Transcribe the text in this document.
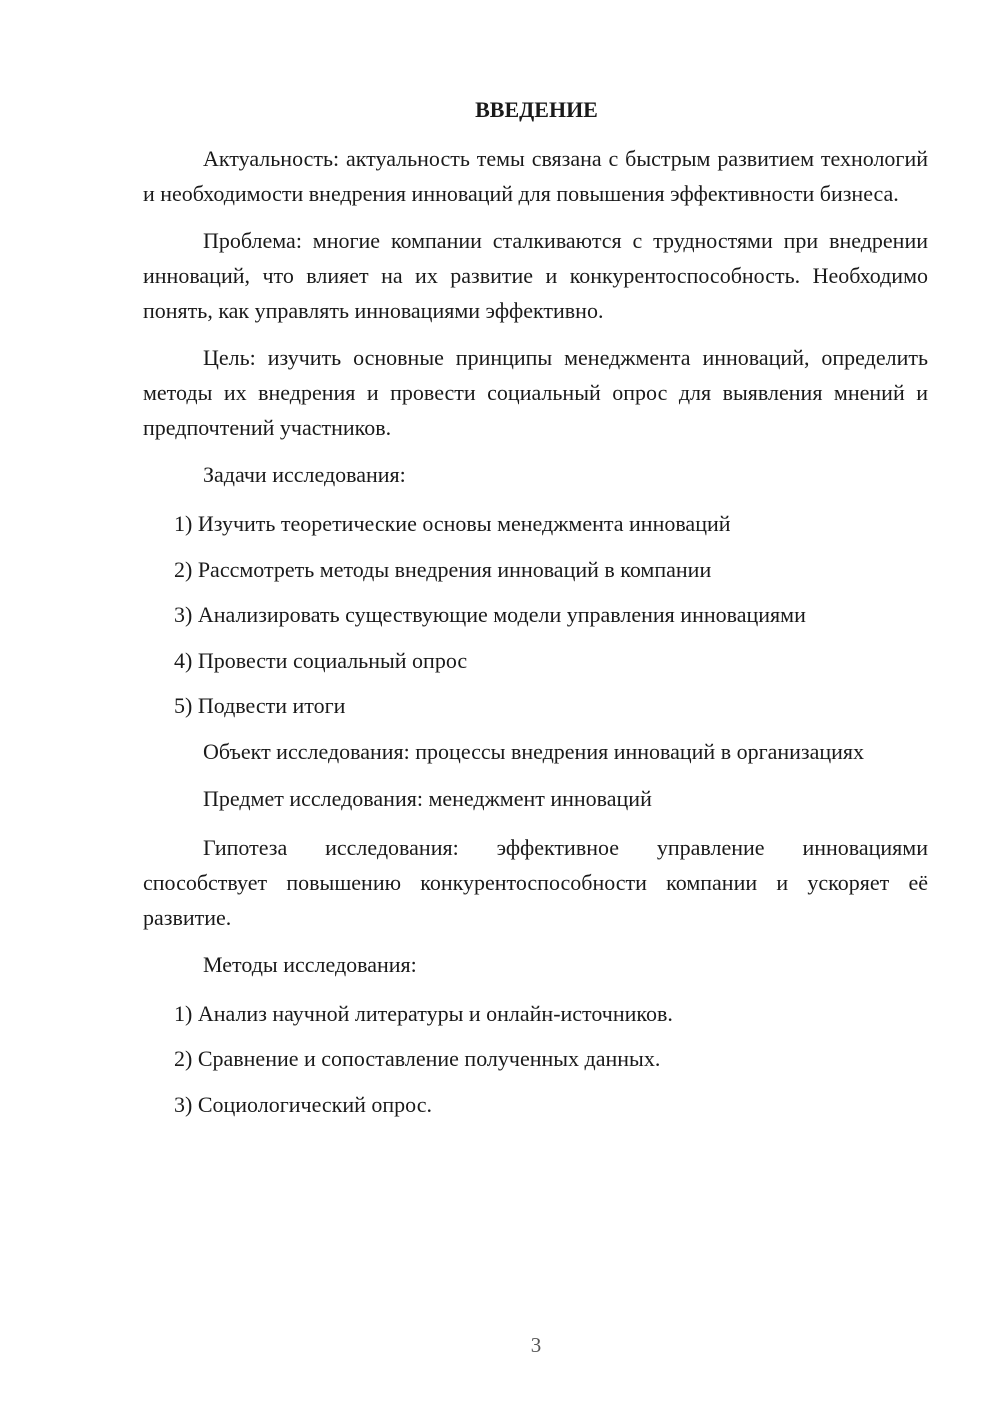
ВВЕДЕНИЕ

Актуальность: актуальность темы связана с быстрым развитием технологий и необходимости внедрения инноваций для повышения эффективности бизнеса.

Проблема: многие компании сталкиваются с трудностями при внедрении инноваций, что влияет на их развитие и конкурентоспособность. Необходимо понять, как управлять инновациями эффективно.

Цель: изучить основные принципы менеджмента инноваций, определить методы их внедрения и провести социальный опрос для выявления мнений и предпочтений участников.

Задачи исследования:

1) Изучить теоретические основы менеджмента инноваций
2) Рассмотреть методы внедрения инноваций в компании
3) Анализировать существующие модели управления инновациями
4) Провести социальный опрос
5) Подвести итоги

Объект исследования: процессы внедрения инноваций в организациях

Предмет исследования: менеджмент инноваций

Гипотеза исследования: эффективное управление инновациями способствует повышению конкурентоспособности компании и ускоряет её развитие.

Методы исследования:

1) Анализ научной литературы и онлайн-источников.
2) Сравнение и сопоставление полученных данных.
3) Социологический опрос.
3
